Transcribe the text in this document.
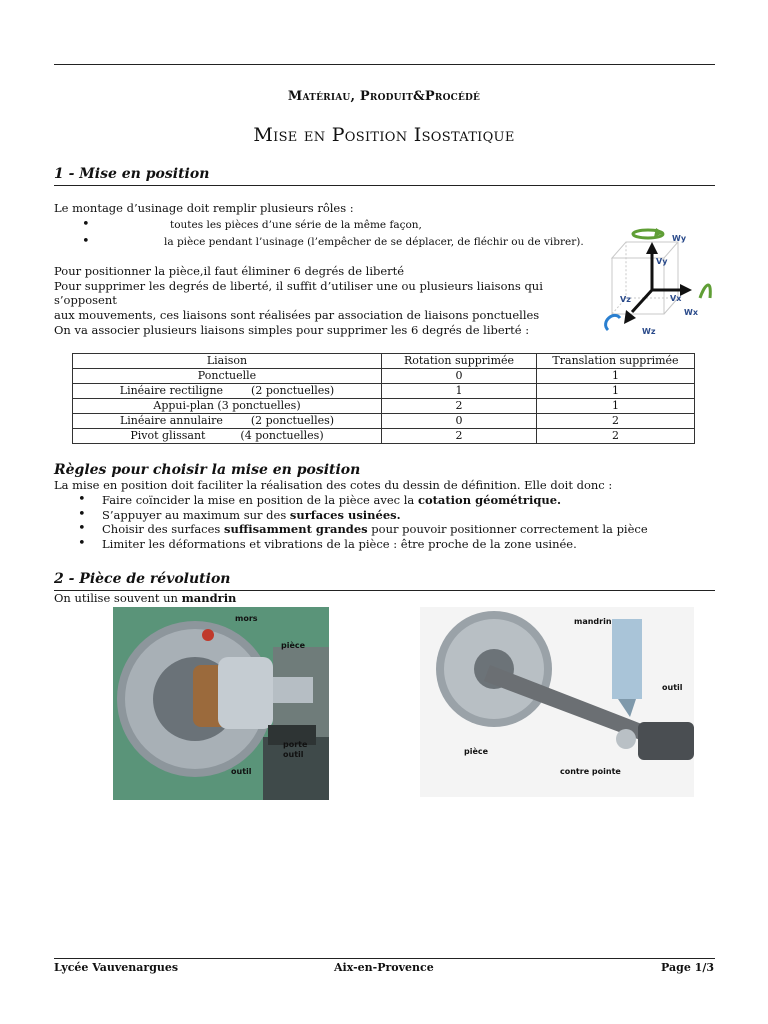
Matériau, Produit&Procédé
Mise en Position Isostatique
1 - Mise en position
Le montage d’usinage doit remplir plusieurs rôles :
• toutes les pièces d’une série de la même façon,
• la pièce pendant l’usinage (l’empêcher de se déplacer, de fléchir ou de vibrer).
Pour positionner la pièce,il faut éliminer 6 degrés de liberté
Pour supprimer les degrés de liberté, il suffit d’utiliser une ou plusieurs liaisons qui s’opposent
aux mouvements, ces liaisons sont réalisées par association de liaisons ponctuelles
On va associer plusieurs liaisons simples pour supprimer les 6 degrés de liberté :
Wy
Vy
Vz	Vx
Wx
Wz
Liaison	Rotation supprimée	Translation supprimée
Ponctuelle	0	1
Linéaire rectiligne        (2 ponctuelles)	1	1
Appui-plan (3 ponctuelles)	2	1
Linéaire annulaire        (2 ponctuelles)	0	2
Pivot glissant          (4 ponctuelles)	2	2
Règles pour choisir la mise en position
La mise en position doit faciliter la réalisation des cotes du dessin de définition. Elle doit donc :
• Faire coïncider la mise en position de la pièce avec la cotation géométrique.
• S’appuyer au maximum sur des surfaces usinées.
• Choisir des surfaces suffisamment grandes pour pouvoir positionner correctement la pièce
• Limiter les déformations et vibrations de la pièce : être proche de la zone usinée.
2 - Pièce de révolution
On utilise souvent un mandrin
mors
pièce
porte
outil
outil
mandrin
outil
pièce
contre pointe
Lycée Vauvenargues	Aix-en-Provence	Page 1/3
